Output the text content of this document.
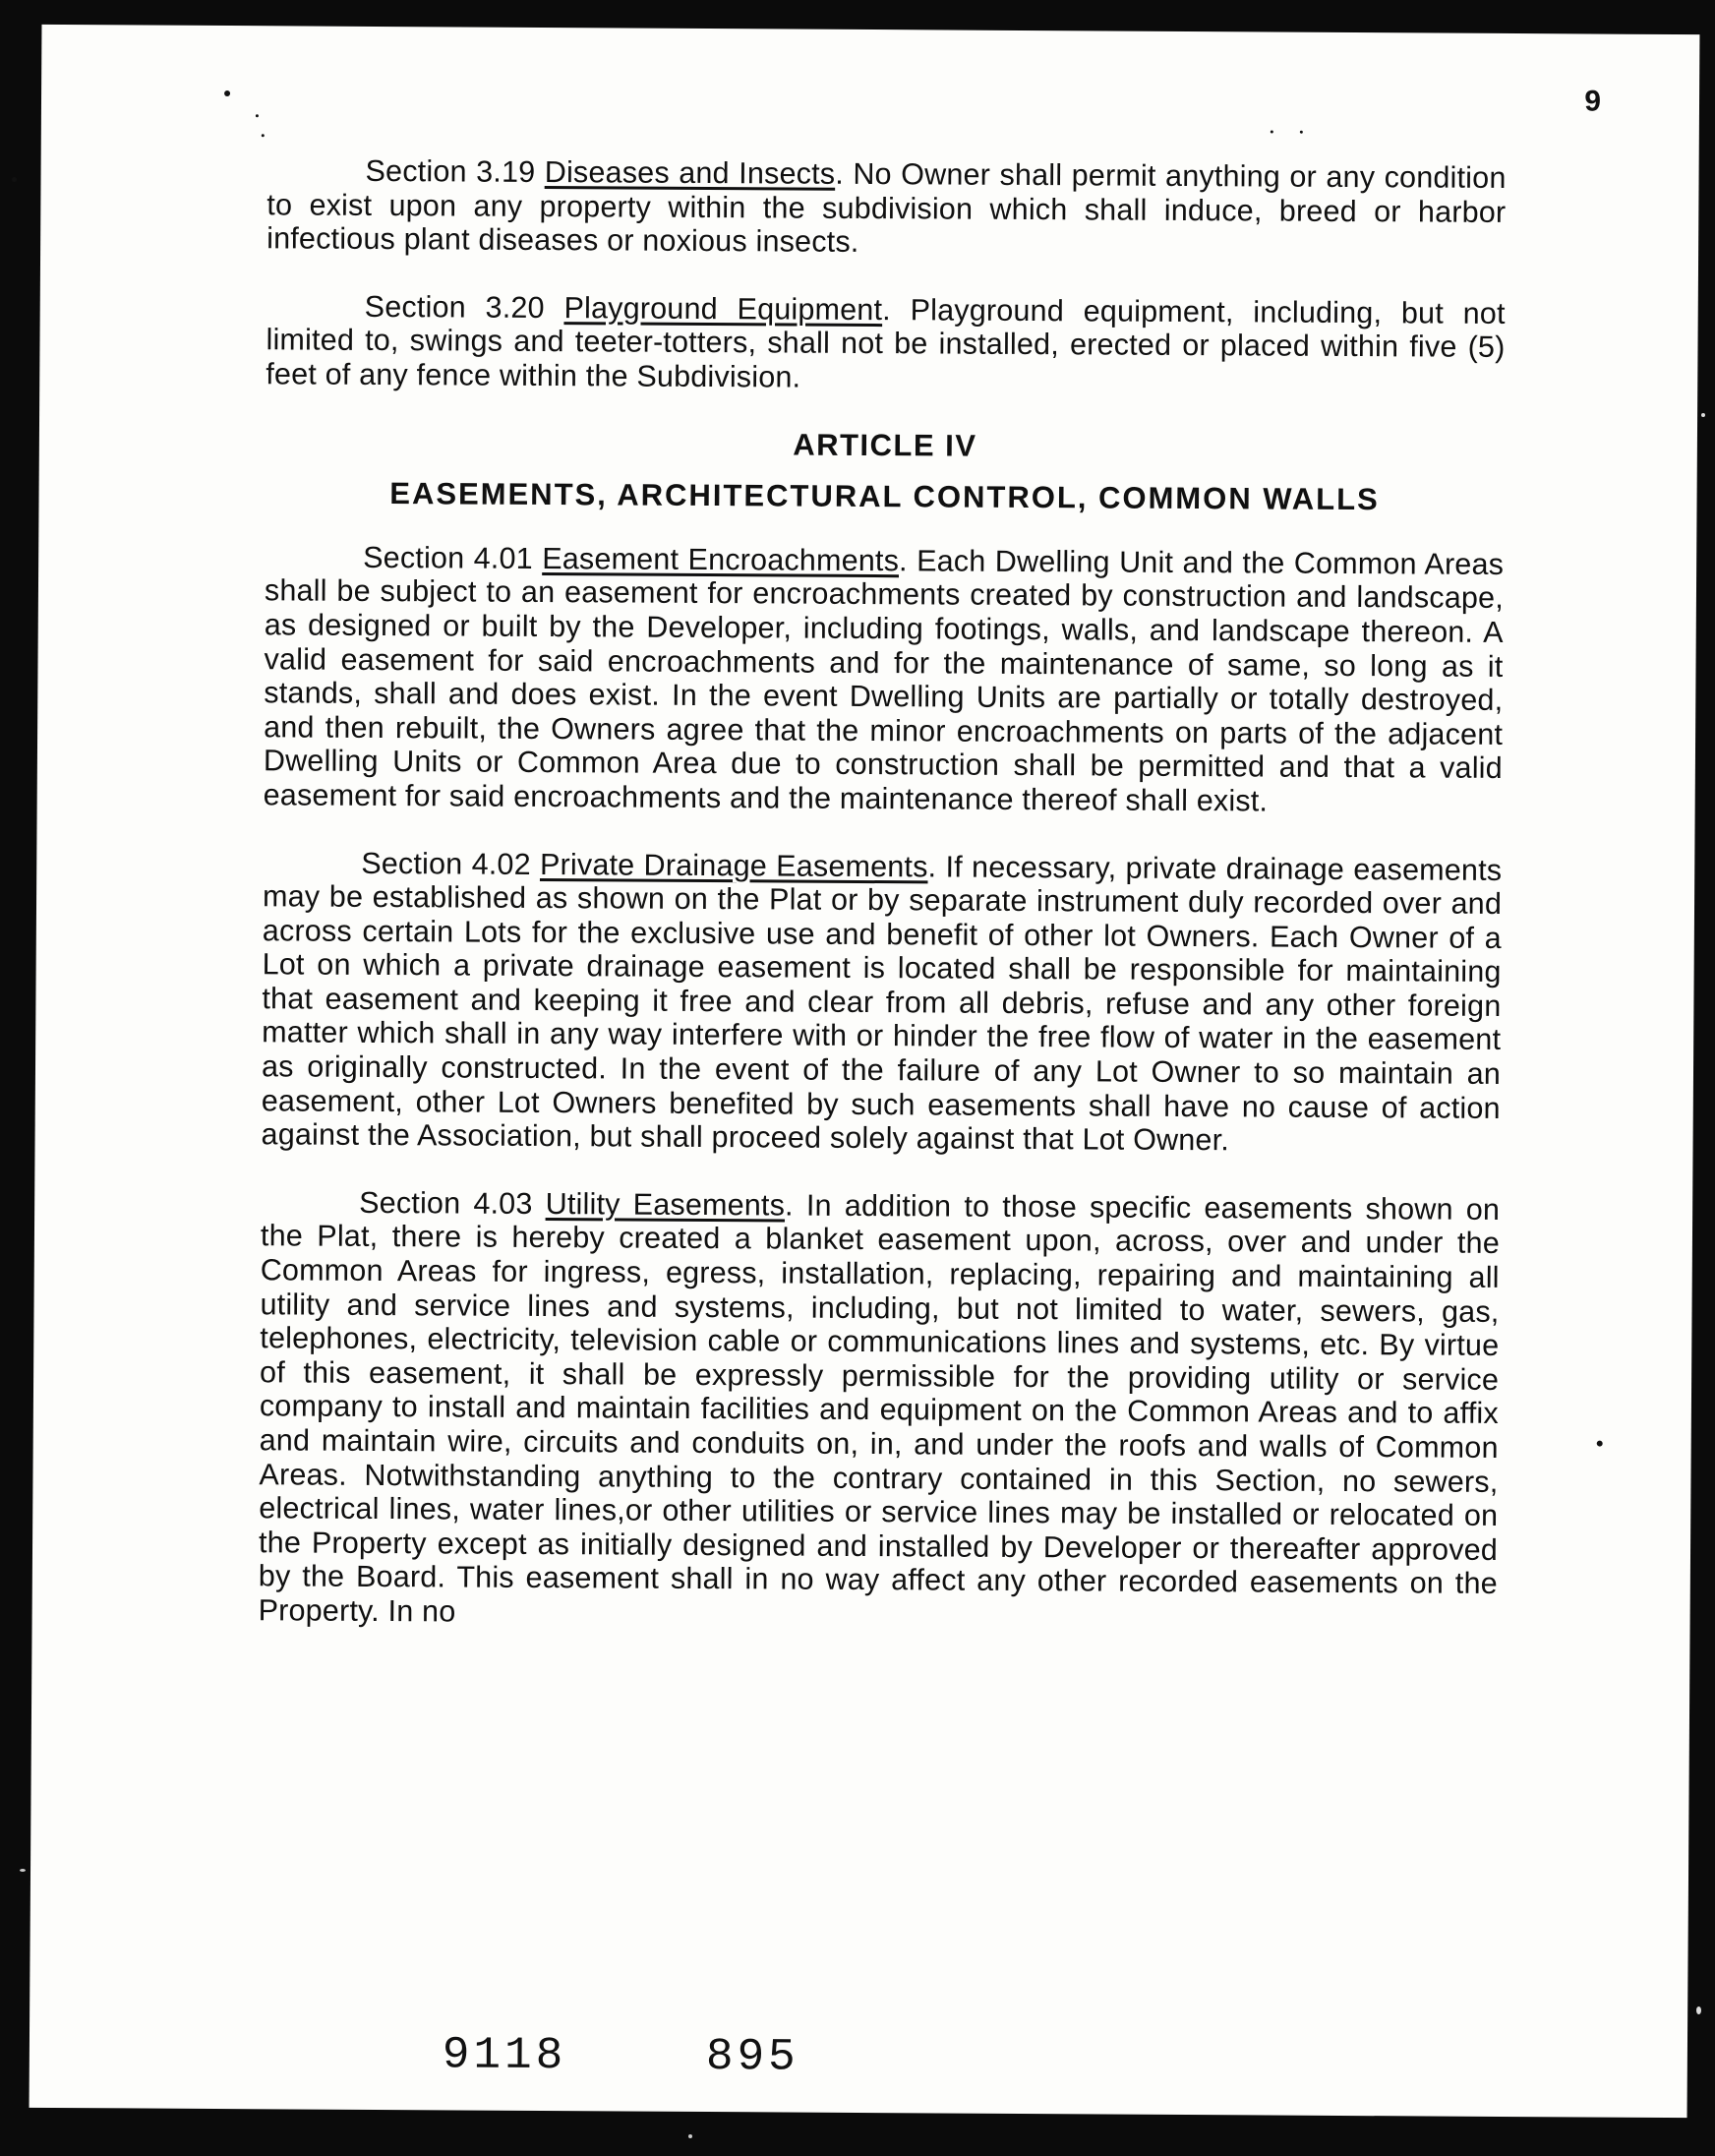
9

Section 3.19 Diseases and Insects. No Owner shall permit anything or any condition to exist upon any property within the subdivision which shall induce, breed or harbor infectious plant diseases or noxious insects.

Section 3.20 Playground Equipment. Playground equipment, including, but not limited to, swings and teeter-totters, shall not be installed, erected or placed within five (5) feet of any fence within the Subdivision.

ARTICLE IV
EASEMENTS, ARCHITECTURAL CONTROL, COMMON WALLS

Section 4.01 Easement Encroachments. Each Dwelling Unit and the Common Areas shall be subject to an easement for encroachments created by construction and landscape, as designed or built by the Developer, including footings, walls, and landscape thereon. A valid easement for said encroachments and for the maintenance of same, so long as it stands, shall and does exist. In the event Dwelling Units are partially or totally destroyed, and then rebuilt, the Owners agree that the minor encroachments on parts of the adjacent Dwelling Units or Common Area due to construction shall be permitted and that a valid easement for said encroachments and the maintenance thereof shall exist.

Section 4.02 Private Drainage Easements. If necessary, private drainage easements may be established as shown on the Plat or by separate instrument duly recorded over and across certain Lots for the exclusive use and benefit of other lot Owners. Each Owner of a Lot on which a private drainage easement is located shall be responsible for maintaining that easement and keeping it free and clear from all debris, refuse and any other foreign matter which shall in any way interfere with or hinder the free flow of water in the easement as originally constructed. In the event of the failure of any Lot Owner to so maintain an easement, other Lot Owners benefited by such easements shall have no cause of action against the Association, but shall proceed solely against that Lot Owner.

Section 4.03 Utility Easements. In addition to those specific easements shown on the Plat, there is hereby created a blanket easement upon, across, over and under the Common Areas for ingress, egress, installation, replacing, repairing and maintaining all utility and service lines and systems, including, but not limited to water, sewers, gas, telephones, electricity, television cable or communications lines and systems, etc. By virtue of this easement, it shall be expressly permissible for the providing utility or service company to install and maintain facilities and equipment on the Common Areas and to affix and maintain wire, circuits and conduits on, in, and under the roofs and walls of Common Areas. Notwithstanding anything to the contrary contained in this Section, no sewers, electrical lines, water lines,or other utilities or service lines may be installed or relocated on the Property except as initially designed and installed by Developer or thereafter approved by the Board. This easement shall in no way affect any other recorded easements on the Property. In no

9118	895
